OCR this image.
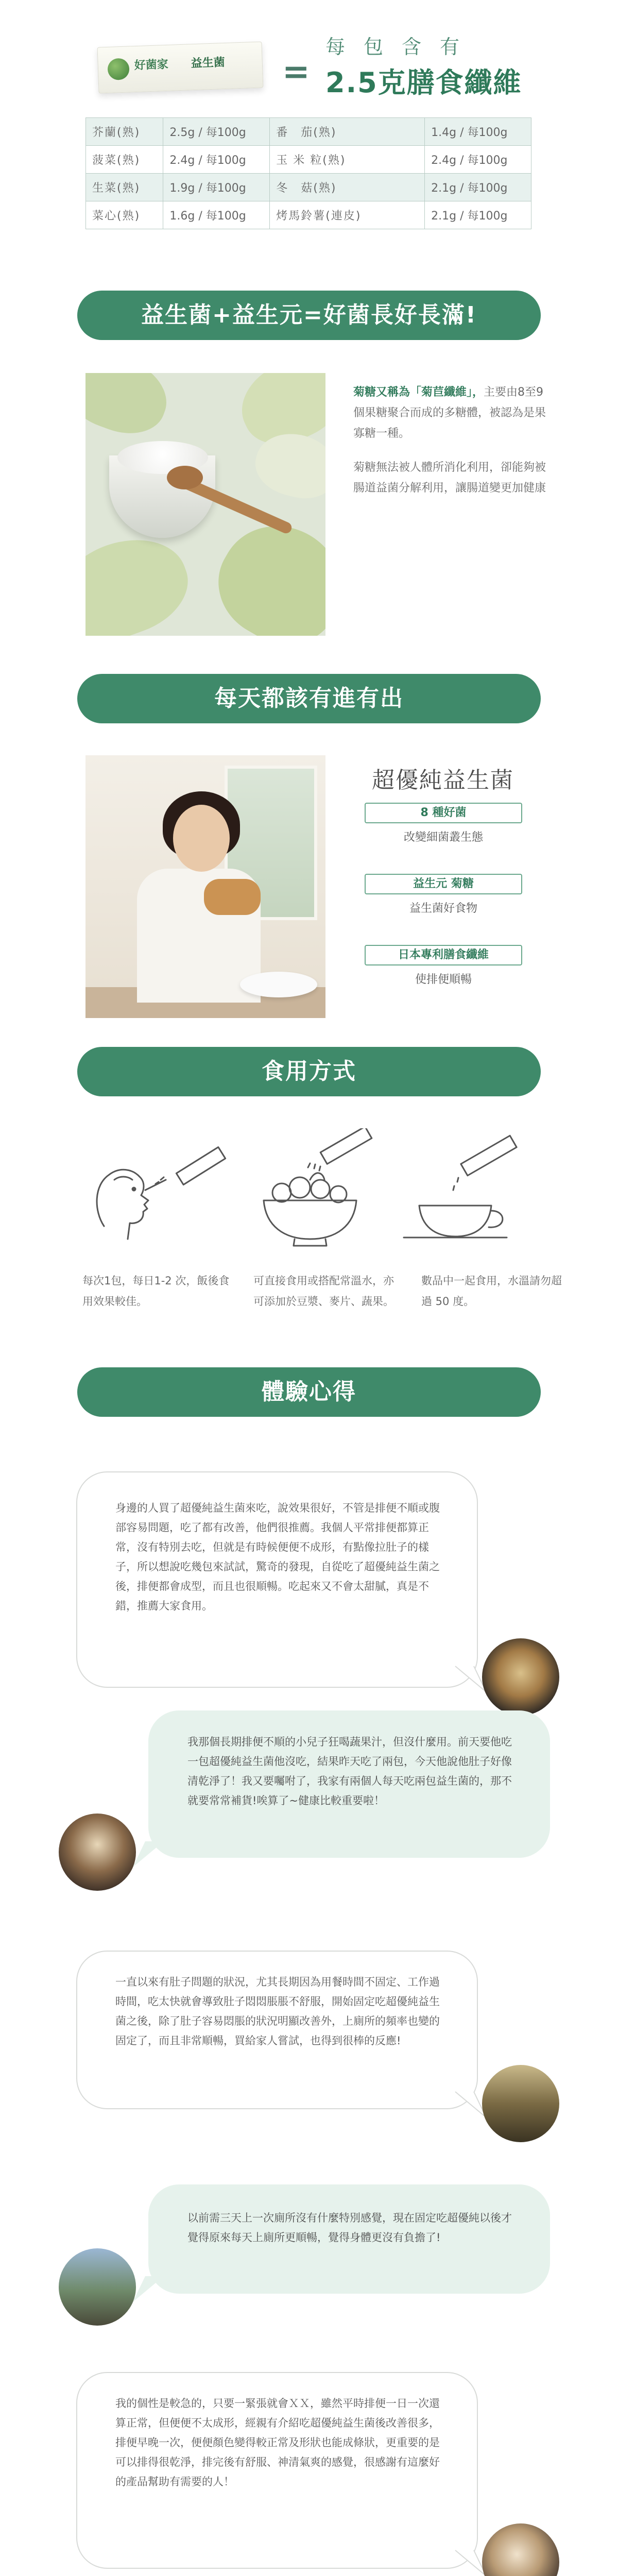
好菌家 益生菌 =
每包含有
2.5克膳食纖維
芥蘭(熟)	2.5g / 每100g	番　茄(熟)	1.4g / 每100g
菠菜(熟)	2.4g / 每100g	玉 米 粒(熟)	2.4g / 每100g
生菜(熟)	1.9g / 每100g	冬　菇(熟)	2.1g / 每100g
菜心(熟)	1.6g / 每100g	烤馬鈴薯(連皮)	2.1g / 每100g
益生菌+益生元=好菌長好長滿!

菊糖又稱為「菊苣纖維」，主要由8至9個果糖聚合而成的多糖體，被認為是果寡糖一種。

菊糖無法被人體所消化利用，卻能夠被腸道益菌分解利用，讓腸道變更加健康

每天都該有進有出
超優純益生菌
8 種好菌
改變細菌叢生態
益生元 菊糖
益生菌好食物
日本專利膳食纖維
使排便順暢
食用方式
每次1包，每日1-2 次，飯後食用效果較佳。
可直接食用或搭配常溫水，亦可添加於豆漿、麥片、蔬果。
數品中一起食用，水溫請勿超過 50 度。
體驗心得
身邊的人買了超優純益生菌來吃，說效果很好，不管是排便不順或腹部容易問題，吃了都有改善，他們很推薦。我個人平常排便都算正常，沒有特別去吃，但就是有時候便便不成形，有點像拉肚子的樣子，所以想說吃幾包來試試，驚奇的發現，自從吃了超優純益生菌之後，排便都會成型，而且也很順暢。吃起來又不會太甜膩，真是不錯，推薦大家食用。
我那個長期排便不順的小兒子狂喝蔬果汁，但沒什麼用。前天要他吃一包超優純益生菌他沒吃，結果昨天吃了兩包，今天他說他肚子好像清乾淨了！我又要囑咐了，我家有兩個人每天吃兩包益生菌的，那不就要常常補貨!唉算了~健康比較重要啦！
一直以來有肚子問題的狀況，尤其長期因為用餐時間不固定、工作過時間，吃太快就會導致肚子悶悶脹脹不舒服，開始固定吃超優純益生菌之後，除了肚子容易悶脹的狀況明顯改善外，上廁所的頻率也變的固定了，而且非常順暢，買給家人嘗試，也得到很棒的反應!
以前需三天上一次廁所沒有什麼特別感覺，現在固定吃超優純以後才覺得原來每天上廁所更順暢，覺得身體更沒有負擔了!
我的個性是較急的，只要一緊張就會ＸＸ，雖然平時排便一日一次還算正常，但便便不太成形，經親有介紹吃超優純益生菌後改善很多，排便早晚一次，便便顏色變得較正常及形狀也能成條狀，更重要的是可以排得很乾淨，排完後有舒服、神清氣爽的感覺，很感謝有這麼好的產品幫助有需要的人！
